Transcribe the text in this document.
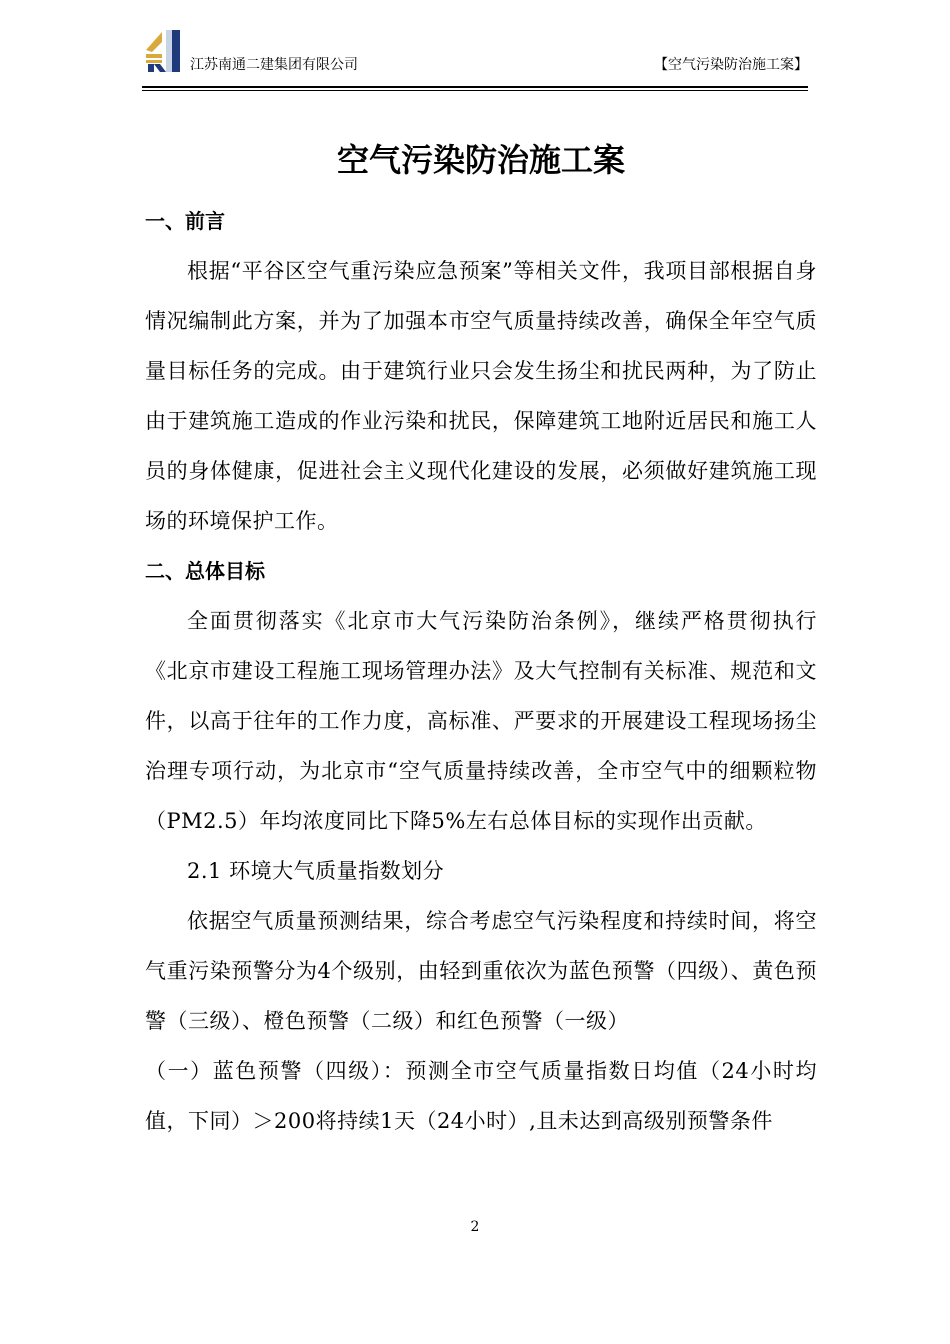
江苏南通二建集团有限公司	【空气污染防治施工案】
空气污染防治施工案
一、前言

根据“平谷区空气重污染应急预案”等相关文件，我项目部根据自身情况编制此方案，并为了加强本市空气质量持续改善，确保全年空气质量目标任务的完成。由于建筑行业只会发生扬尘和扰民两种，为了防止由于建筑施工造成的作业污染和扰民，保障建筑工地附近居民和施工人员的身体健康，促进社会主义现代化建设的发展，必须做好建筑施工现场的环境保护工作。

二、总体目标

全面贯彻落实《北京市大气污染防治条例》，继续严格贯彻执行《北京市建设工程施工现场管理办法》及大气控制有关标准、规范和文件，以高于往年的工作力度，高标准、严要求的开展建设工程现场扬尘治理专项行动，为北京市“空气质量持续改善，全市空气中的细颗粒物（PM2.5）年均浓度同比下降5%左右总体目标的实现作出贡献。

2.1 环境大气质量指数划分

依据空气质量预测结果，综合考虑空气污染程度和持续时间，将空气重污染预警分为4个级别，由轻到重依次为蓝色预警（四级）、黄色预警（三级）、橙色预警（二级）和红色预警（一级）

（一）蓝色预警（四级）：预测全市空气质量指数日均值（24小时均值，下同）＞200将持续1天（24小时）,且未达到高级别预警条件

2
